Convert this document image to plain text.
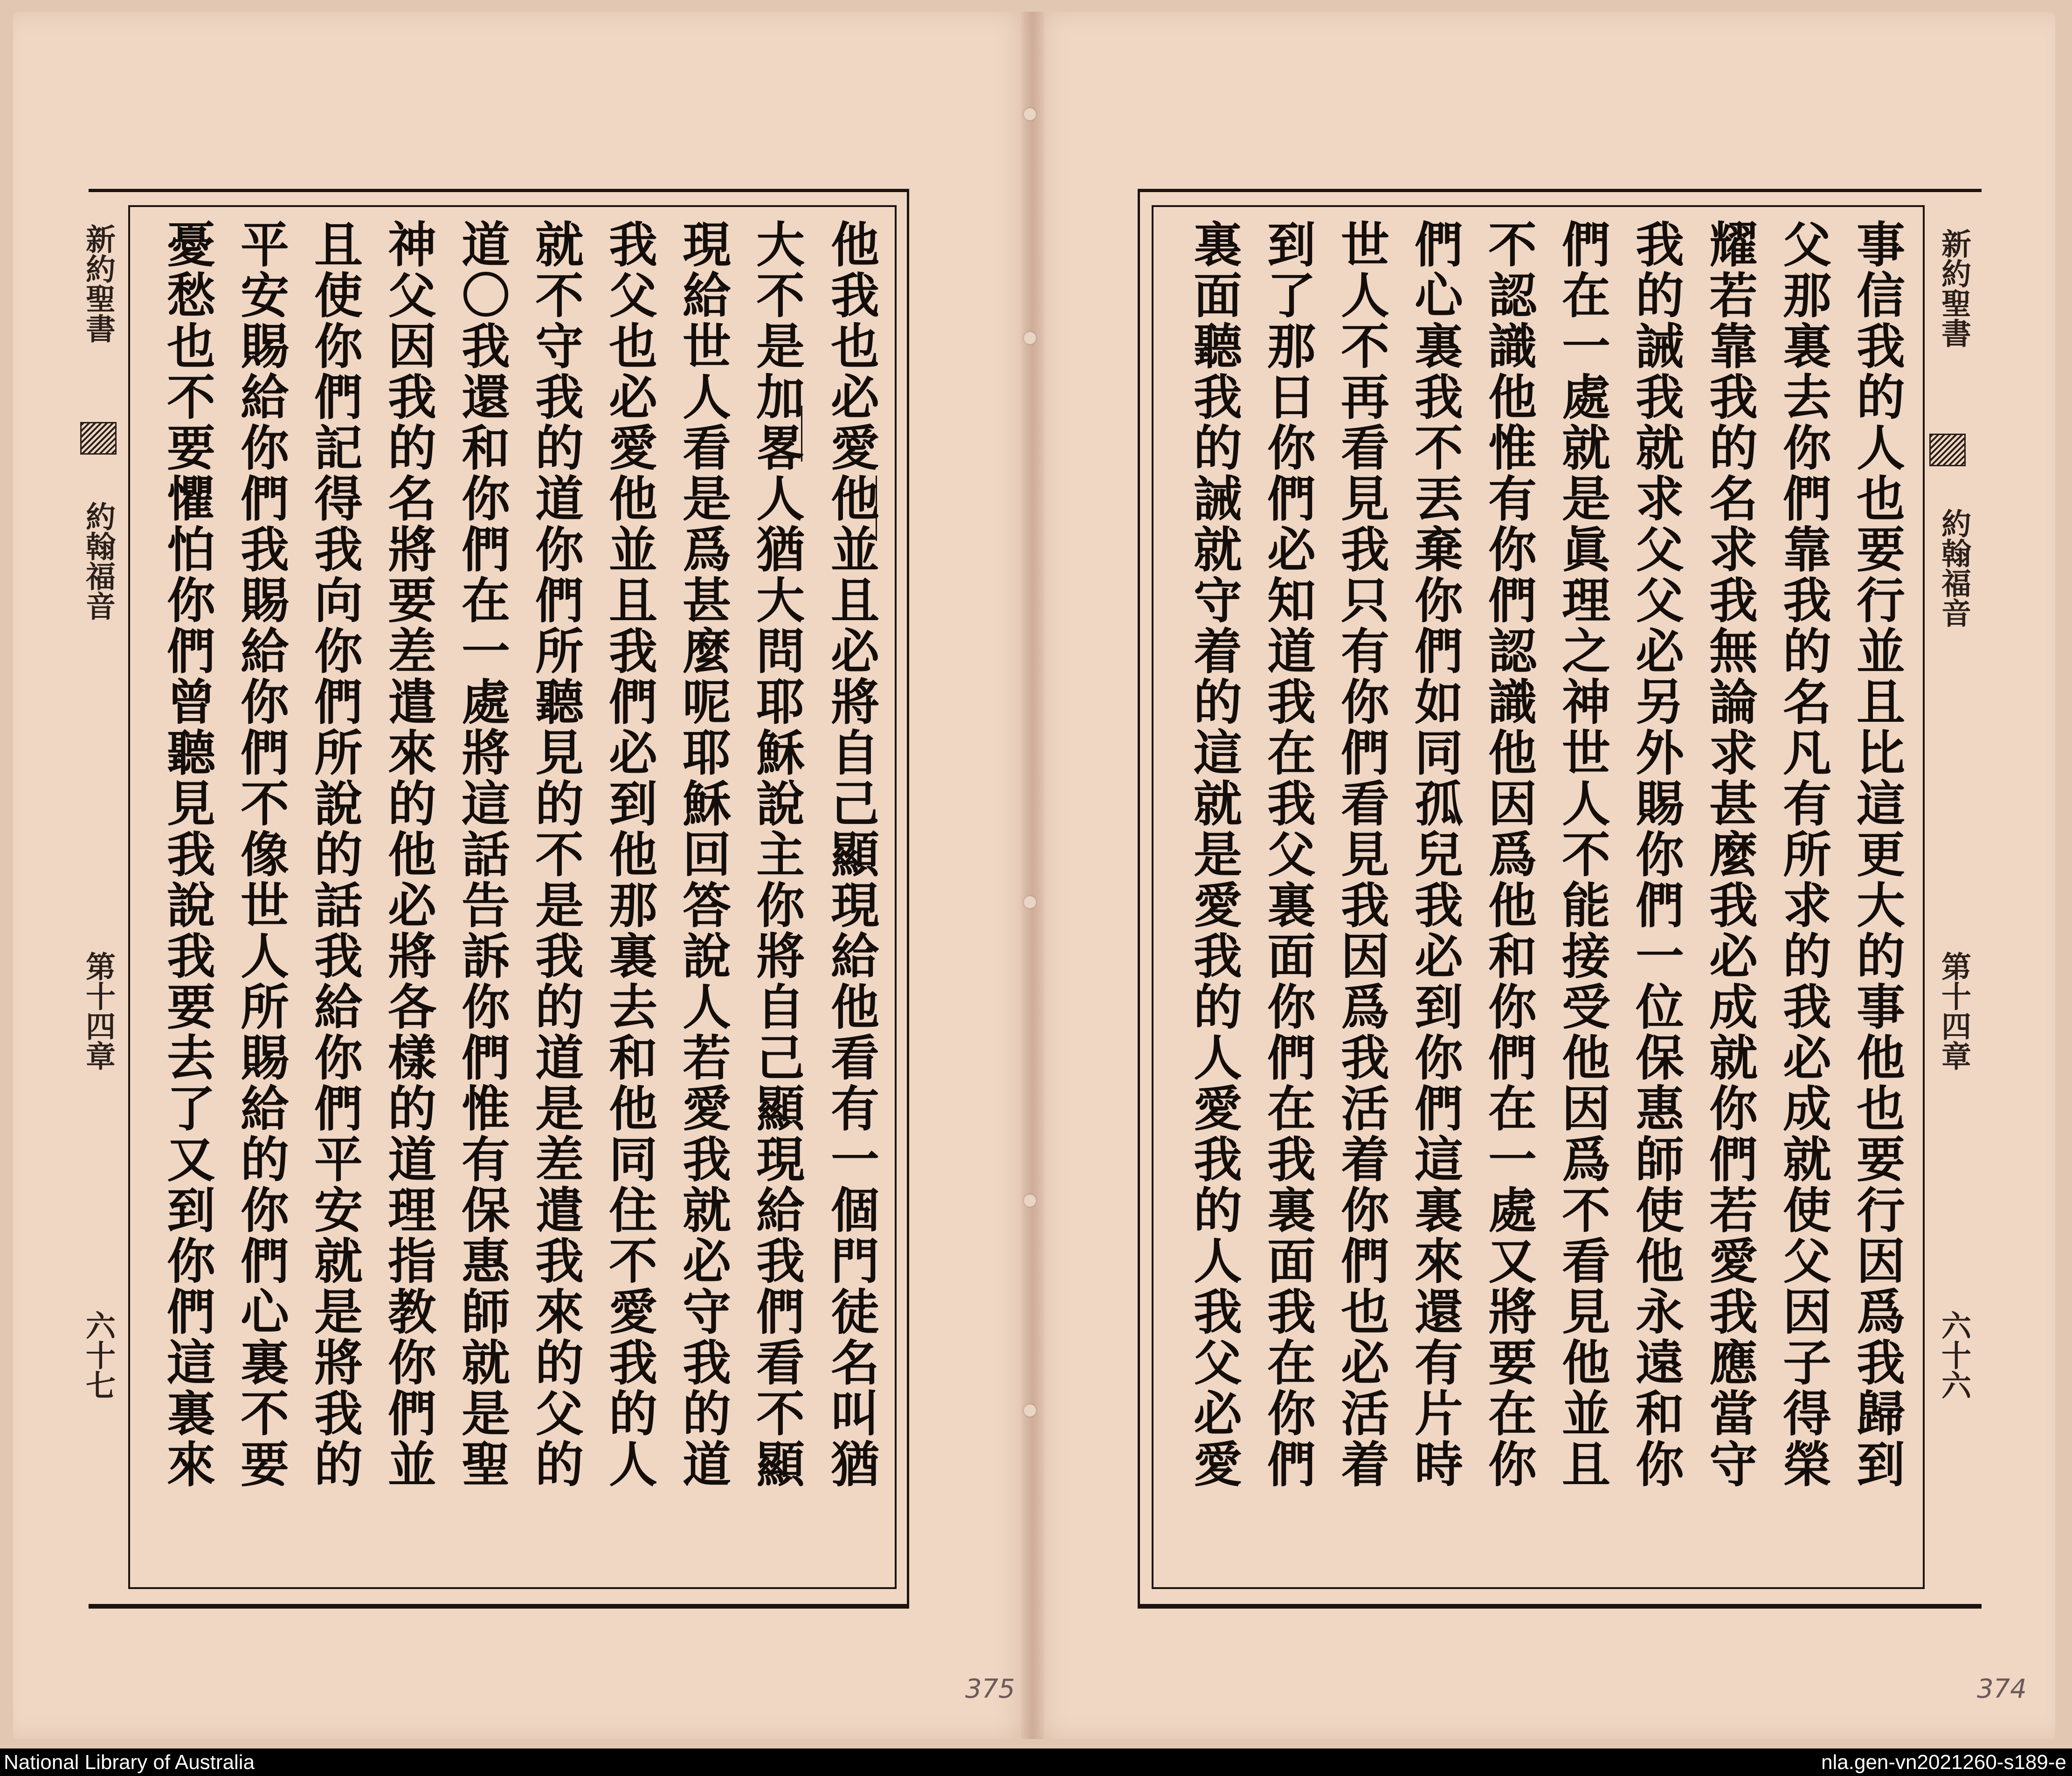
新約聖書
約翰福音
第十四章
六十七	他我也必愛他並且必將自己顯現給他看有一個門徒名叫猶
大不是加畧人猶大問耶穌說主你將自己顯現給我們看不顯
現給世人看是爲甚麼呢耶穌回答說人若愛我就必守我的道
我父也必愛他並且我們必到他那裏去和他同住不愛我的人
就不守我的道你們所聽見的不是我的道是差遣我來的父的
道〇我還和你們在一處將這話告訴你們惟有保惠師就是聖
神父因我的名將要差遣來的他必將各樣的道理指教你們並
且使你們記得我向你們所說的話我給你們平安就是將我的
平安賜給你們我賜給你們不像世人所賜給的你們心裏不要
憂愁也不要懼怕你們曾聽見我說我要去了又到你們這裏來
375
新約聖書
約翰福音
第十四章
六十六
事信我的人也要行並且比這更大的事他也要行因爲我歸到
父那裏去你們靠我的名凡有所求的我必成就使父因子得榮
耀若靠我的名求我無論求甚麼我必成就你們若愛我應當守
我的誡我就求父父必另外賜你們一位保惠師使他永遠和你
們在一處就是眞理之神世人不能接受他因爲不看見他並且
不認識他惟有你們認識他因爲他和你們在一處又將要在你
們心裏我不丟棄你們如同孤兒我必到你們這裏來還有片時
世人不再看見我只有你們看見我因爲我活着你們也必活着
到了那日你們必知道我在我父裏面你們在我裏面我在你們
裏面聽我的誡就守着的這就是愛我的人愛我的人我父必愛
374
National Library of Australia	nla.gen-vn2021260-s189-e
